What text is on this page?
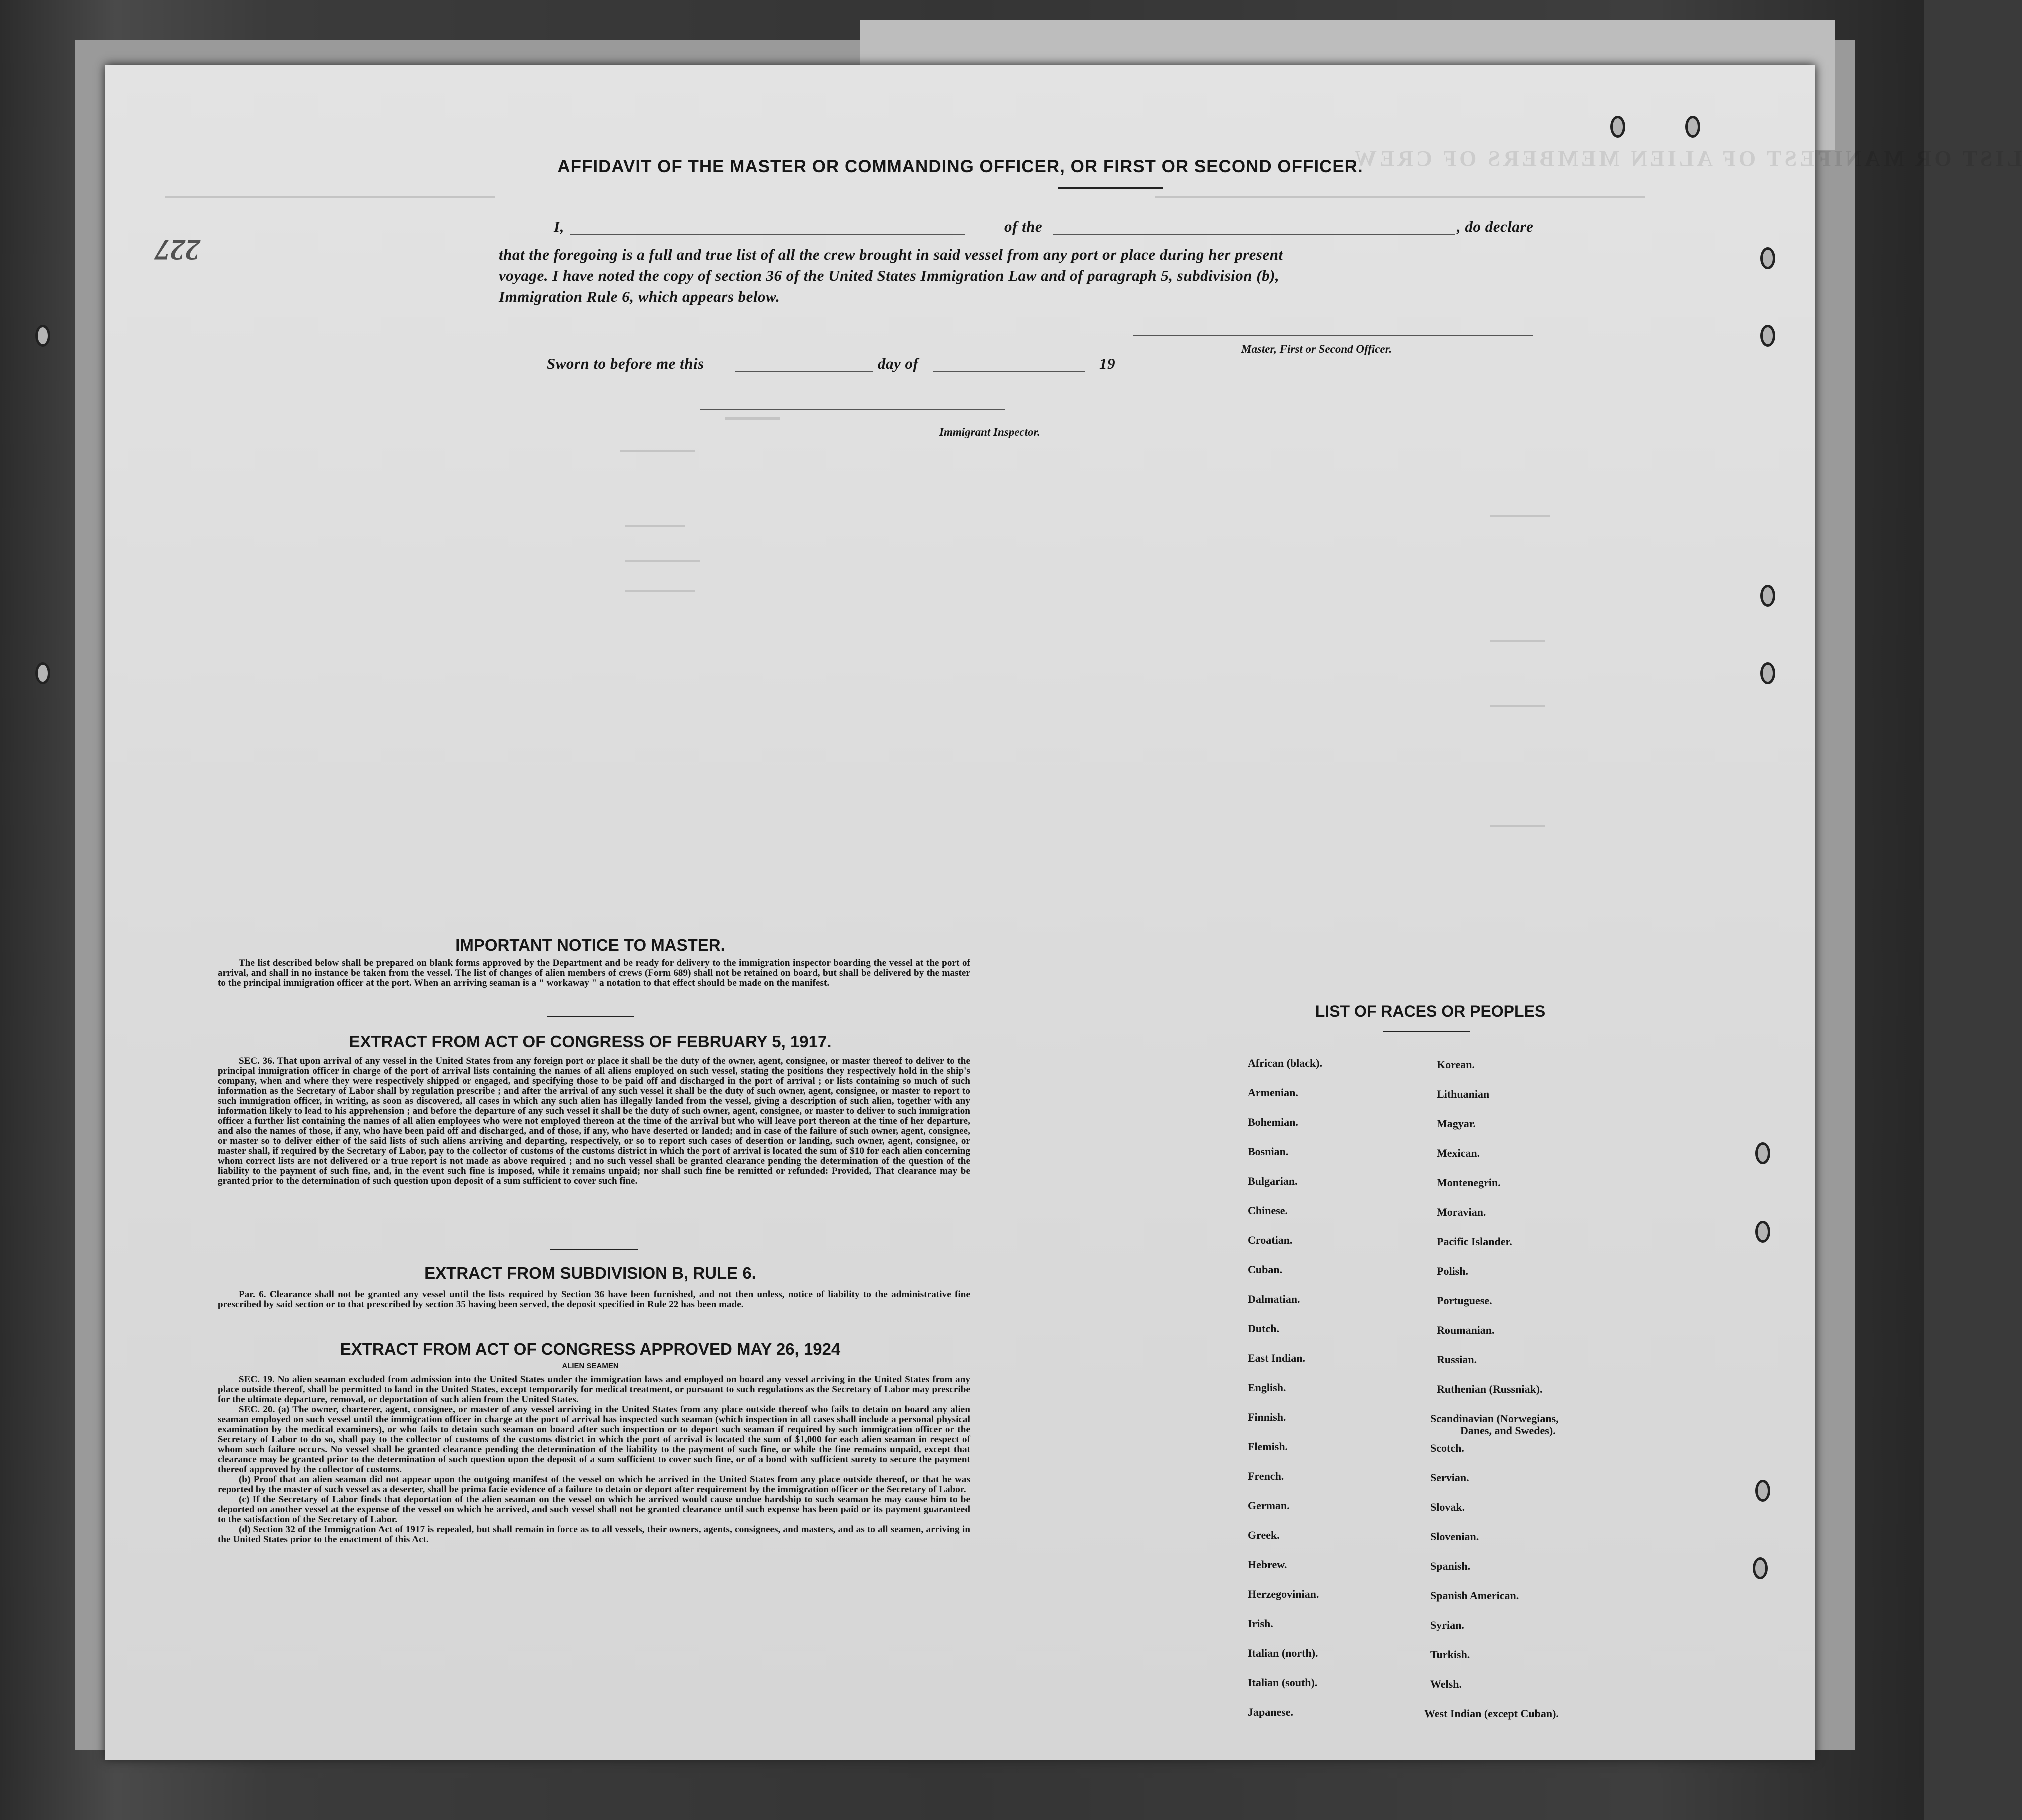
LIST OR MANIFEST OF ALIEN MEMBERS OF CREW.
227
AFFIDAVIT OF THE MASTER OR COMMANDING OFFICER, OR FIRST OR SECOND OFFICER.
I,	of the	, do declare
that the foregoing is a full and true list of all the crew brought in said vessel from any port or place during her present
voyage. I have noted the copy of section 36 of the United States Immigration Law and of paragraph 5, subdivision (b),
Immigration Rule 6, which appears below.
Master, First or Second Officer.
Sworn to before me this	day of	19
Immigrant Inspector.
IMPORTANT NOTICE TO MASTER.

The list described below shall be prepared on blank forms approved by the Department and be ready for delivery to the immigration inspector boarding the vessel at the port of arrival, and shall in no instance be taken from the vessel. The list of changes of alien members of crews (Form 689) shall not be retained on board, but shall be delivered by the master to the principal immigration officer at the port. When an arriving seaman is a " workaway " a notation to that effect should be made on the manifest.

EXTRACT FROM ACT OF CONGRESS OF FEBRUARY 5, 1917.

SEC. 36. That upon arrival of any vessel in the United States from any foreign port or place it shall be the duty of the owner, agent, consignee, or master thereof to deliver to the principal immigration officer in charge of the port of arrival lists containing the names of all aliens employed on such vessel, stating the positions they respectively hold in the ship's company, when and where they were respectively shipped or engaged, and specifying those to be paid off and discharged in the port of arrival ; or lists containing so much of such information as the Secretary of Labor shall by regulation prescribe ; and after the arrival of any such vessel it shall be the duty of such owner, agent, consignee, or master to report to such immigration officer, in writing, as soon as discovered, all cases in which any such alien has illegally landed from the vessel, giving a description of such alien, together with any information likely to lead to his apprehension ; and before the departure of any such vessel it shall be the duty of such owner, agent, consignee, or master to deliver to such immigration officer a further list containing the names of all alien employees who were not employed thereon at the time of the arrival but who will leave port thereon at the time of her departure, and also the names of those, if any, who have been paid off and discharged, and of those, if any, who have deserted or landed; and in case of the failure of such owner, agent, consignee, or master so to deliver either of the said lists of such aliens arriving and departing, respectively, or so to report such cases of desertion or landing, such owner, agent, consignee, or master shall, if required by the Secretary of Labor, pay to the collector of customs of the customs district in which the port of arrival is located the sum of $10 for each alien concerning whom correct lists are not delivered or a true report is not made as above required ; and no such vessel shall be granted clearance pending the determination of the question of the liability to the payment of such fine, and, in the event such fine is imposed, while it remains unpaid; nor shall such fine be remitted or refunded: Provided, That clearance may be granted prior to the determination of such question upon deposit of a sum sufficient to cover such fine.

EXTRACT FROM SUBDIVISION B, RULE 6.

Par. 6. Clearance shall not be granted any vessel until the lists required by Section 36 have been furnished, and not then unless, notice of liability to the administrative fine prescribed by said section or to that prescribed by section 35 having been served, the deposit specified in Rule 22 has been made.

EXTRACT FROM ACT OF CONGRESS APPROVED MAY 26, 1924
ALIEN SEAMEN

SEC. 19. No alien seaman excluded from admission into the United States under the immigration laws and employed on board any vessel arriving in the United States from any place outside thereof, shall be permitted to land in the United States, except temporarily for medical treatment, or pursuant to such regulations as the Secretary of Labor may prescribe for the ultimate departure, removal, or deportation of such alien from the United States.

SEC. 20. (a) The owner, charterer, agent, consignee, or master of any vessel arriving in the United States from any place outside thereof who fails to detain on board any alien seaman employed on such vessel until the immigration officer in charge at the port of arrival has inspected such seaman (which inspection in all cases shall include a personal physical examination by the medical examiners), or who fails to detain such seaman on board after such inspection or to deport such seaman if required by such immigration officer or the Secretary of Labor to do so, shall pay to the collector of customs of the customs district in which the port of arrival is located the sum of $1,000 for each alien seaman in respect of whom such failure occurs. No vessel shall be granted clearance pending the determination of the liability to the payment of such fine, or while the fine remains unpaid, except that clearance may be granted prior to the determination of such question upon the deposit of a sum sufficient to cover such fine, or of a bond with sufficient surety to secure the payment thereof approved by the collector of customs.

(b) Proof that an alien seaman did not appear upon the outgoing manifest of the vessel on which he arrived in the United States from any place outside thereof, or that he was reported by the master of such vessel as a deserter, shall be prima facie evidence of a failure to detain or deport after requirement by the immigration officer or the Secretary of Labor.

(c) If the Secretary of Labor finds that deportation of the alien seaman on the vessel on which he arrived would cause undue hardship to such seaman he may cause him to be deported on another vessel at the expense of the vessel on which he arrived, and such vessel shall not be granted clearance until such expense has been paid or its payment guaranteed to the satisfaction of the Secretary of Labor.

(d) Section 32 of the Immigration Act of 1917 is repealed, but shall remain in force as to all vessels, their owners, agents, consignees, and masters, and as to all seamen, arriving in the United States prior to the enactment of this Act.

LIST OF RACES OR PEOPLES
African (black).
Armenian.
Bohemian.
Bosnian.
Bulgarian.
Chinese.
Croatian.
Cuban.
Dalmatian.
Dutch.
East Indian.
English.
Finnish.
Flemish.
French.
German.
Greek.
Hebrew.
Herzegovinian.
Irish.
Italian (north).
Italian (south).
Japanese.
Korean.
Lithuanian
Magyar.
Mexican.
Montenegrin.
Moravian.
Pacific Islander.
Polish.
Portuguese.
Roumanian.
Russian.
Ruthenian (Russniak).
Scandinavian (Norwegians,
Danes, and Swedes).
Scotch.
Servian.
Slovak.
Slovenian.
Spanish.
Spanish American.
Syrian.
Turkish.
Welsh.
West Indian (except Cuban).
